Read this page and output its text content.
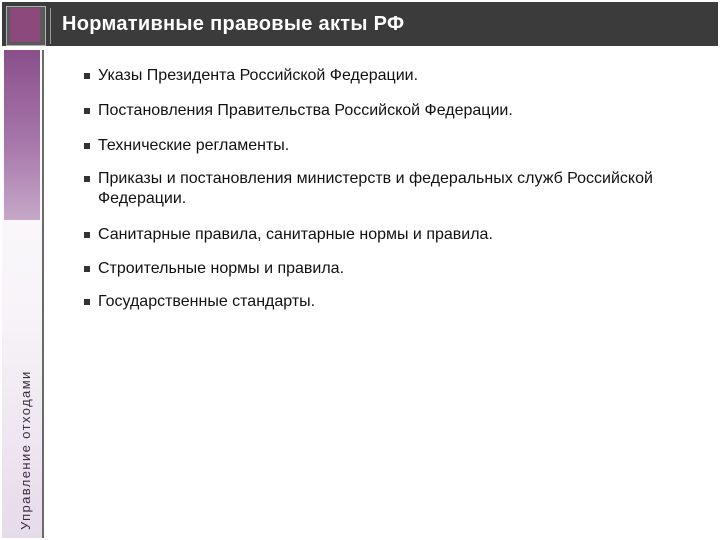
Нормативные правовые акты РФ
Управление отходами
Указы Президента Российской Федерации.
Постановления Правительства Российской Федерации.
Технические регламенты.
Приказы и постановления министерств и федеральных служб Российской Федерации.
Санитарные правила, санитарные нормы и правила.
Строительные нормы и правила.
Государственные стандарты.
